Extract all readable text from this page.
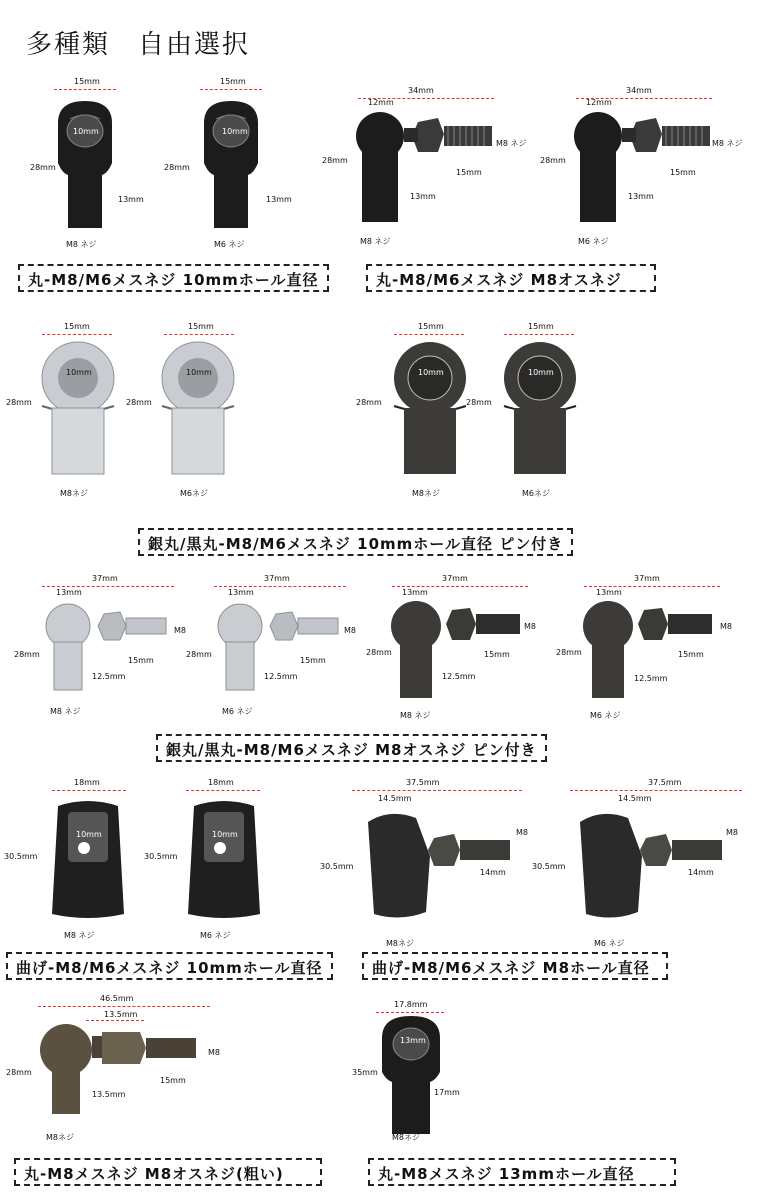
多種類　自由選択
15mm
28mm
10mm
13mm
M8 ネジ
15mm
28mm
10mm
13mm
M6 ネジ
34mm
12mm
28mm
M8 ネジ
15mm
13mm
M8 ネジ
34mm
12mm
28mm
M8 ネジ
15mm
13mm
M6 ネジ
丸-M8/M6メスネジ 10mmホール直径	丸-M8/M6メスネジ M8オスネジ
15mm
28mm
10mm
M8ネジ
15mm
28mm
10mm
M6ネジ
15mm
28mm
10mm
M8ネジ
15mm
28mm
10mm
M6ネジ
銀丸/黒丸-M8/M6メスネジ 10mmホール直径 ピン付き
37mm
13mm
28mm
M8
15mm
12.5mm
M8 ネジ
37mm
13mm
28mm
M8
15mm
12.5mm
M6 ネジ
37mm
13mm
28mm
M8
15mm
12.5mm
M8 ネジ
37mm
13mm
28mm
M8
15mm
12.5mm
M6 ネジ
銀丸/黒丸-M8/M6メスネジ M8オスネジ ピン付き
18mm
30.5mm
10mm
M8 ネジ
18mm
30.5mm
10mm
M6 ネジ
37.5mm
14.5mm
30.5mm
M8
14mm
M8ネジ
37.5mm
14.5mm
30.5mm
M8
14mm
M6 ネジ
曲げ-M8/M6メスネジ 10mmホール直径	曲げ-M8/M6メスネジ M8ホール直径
46.5mm
13.5mm
28mm
M8
15mm
13.5mm
M8ネジ
17.8mm
35mm
13mm
17mm
M8ネジ
丸-M8メスネジ M8オスネジ(粗い)	丸-M8メスネジ 13mmホール直径
